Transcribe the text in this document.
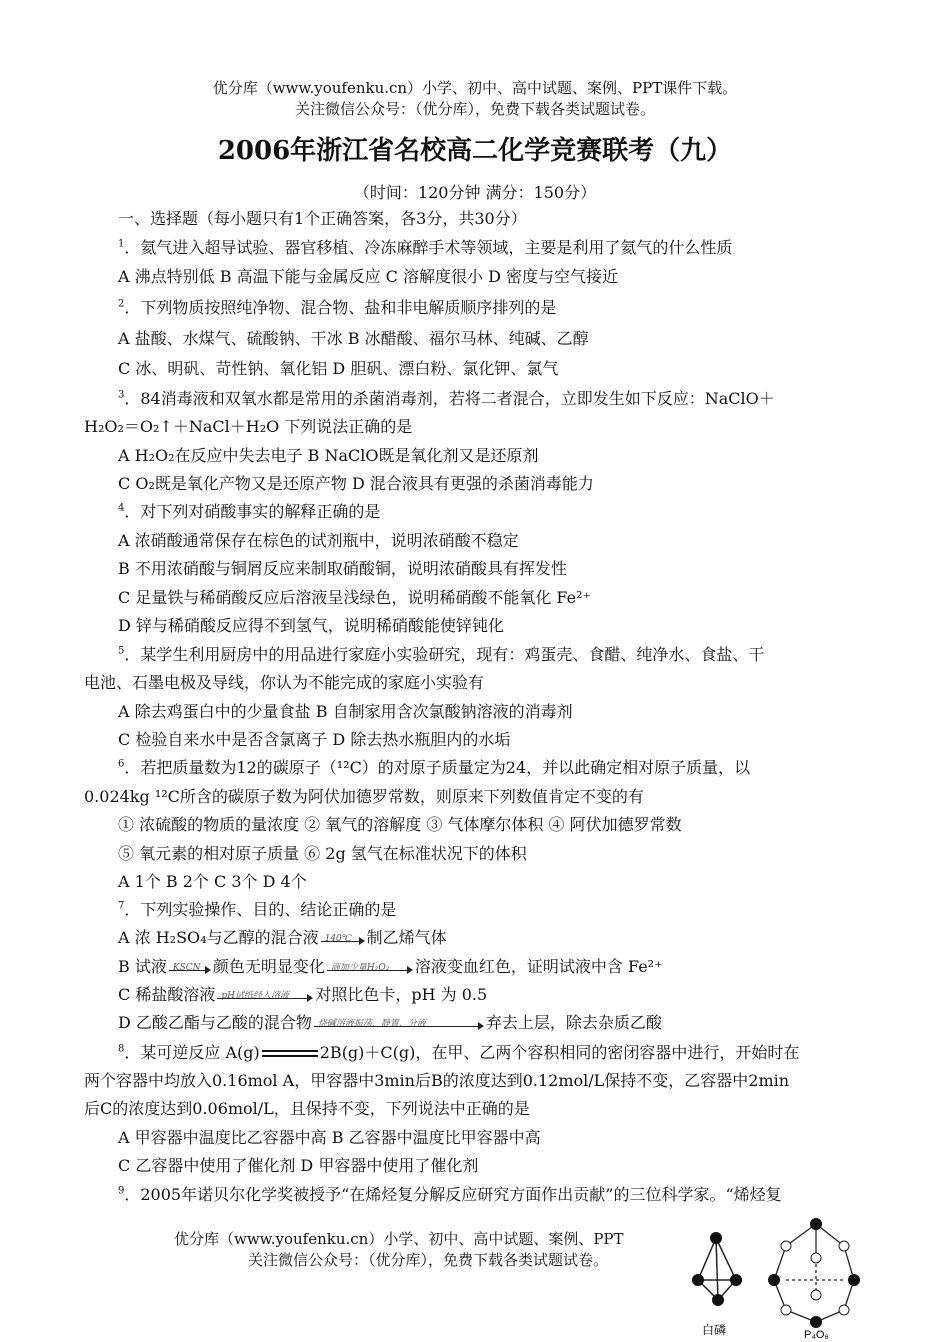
优分库（www.youfenku.cn）小学、初中、高中试题、案例、PPT课件下载。
关注微信公众号：（优分库），免费下载各类试题试卷。
2006年浙江省名校高二化学竞赛联考（九）
（时间：120分钟 满分：150分）
一、选择题（每小题只有1个正确答案，各3分，共30分）
$^1$．氦气进入超导试验、器官移植、冷冻麻醉手术等领域，主要是利用了氦气的什么性质
A 沸点特别低 B 高温下能与金属反应 C 溶解度很小 D 密度与空气接近
$^2$．下列物质按照纯净物、混合物、盐和非电解质顺序排列的是
A 盐酸、水煤气、硫酸钠、干冰 B 冰醋酸、福尔马林、纯碱、乙醇
C 冰、明矾、苛性钠、氧化铝 D 胆矾、漂白粉、氯化钾、氯气
$^3$．84消毒液和双氧水都是常用的杀菌消毒剂，若将二者混合，立即发生如下反应：NaClO＋
H₂O₂＝O₂↑＋NaCl＋H₂O 下列说法正确的是
A H₂O₂在反应中失去电子 B NaClO既是氧化剂又是还原剂
C O₂既是氧化产物又是还原产物 D 混合液具有更强的杀菌消毒能力
$^4$．对下列对硝酸事实的解释正确的是
A 浓硝酸通常保存在棕色的试剂瓶中，说明浓硝酸不稳定
B 不用浓硝酸与铜屑反应来制取硝酸铜，说明浓硝酸具有挥发性
C 足量铁与稀硝酸反应后溶液呈浅绿色，说明稀硝酸不能氧化 Fe²⁺
D 锌与稀硝酸反应得不到氢气，说明稀硝酸能使锌钝化
$^5$．某学生利用厨房中的用品进行家庭小实验研究，现有：鸡蛋壳、食醋、纯净水、食盐、干
电池、石墨电极及导线，你认为不能完成的家庭小实验有
A 除去鸡蛋白中的少量食盐 B 自制家用含次氯酸钠溶液的消毒剂
C 检验自来水中是否含氯离子 D 除去热水瓶胆内的水垢
$^6$．若把质量数为12的碳原子（¹²C）的对原子质量定为24，并以此确定相对原子质量，以
0.024kg ¹²C所含的碳原子数为阿伏加德罗常数，则原来下列数值肯定不变的有
① 浓硫酸的物质的量浓度 ② 氧气的溶解度 ③ 气体摩尔体积 ④ 阿伏加德罗常数
⑤ 氧元素的相对原子质量 ⑥ 2g 氢气在标准状况下的体积
A 1个 B 2个 C 3个 D 4个
$^7$．下列实验操作、目的、结论正确的是
A 浓 H₂SO₄与乙醇的混合液 140℃ 制乙烯气体
B 试液 KSCN 颜色无明显变化 滴加少量H₂O₂ 溶液变血红色，证明试液中含 Fe²⁺
C 稀盐酸溶液 pH试纸经入溶液 对照比色卡，pH 为 0.5
D 乙酸乙酯与乙酸的混合物 烧碱溶液振荡、静置、分液	弃去上层，除去杂质乙酸
$^8$．某可逆反应 A(g)	2B(g)＋C(g)，在甲、乙两个容积相同的密闭容器中进行，开始时在
两个容器中均放入0.16mol A，甲容器中3min后B的浓度达到0.12mol/L保持不变，乙容器中2min
后C的浓度达到0.06mol/L，且保持不变，下列说法中正确的是
A 甲容器中温度比乙容器中高 B 乙容器中温度比甲容器中高
C 乙容器中使用了催化剂 D 甲容器中使用了催化剂
$^9$．2005年诺贝尔化学奖被授予“在烯烃复分解反应研究方面作出贡献”的三位科学家。“烯烃复
优分库（www.youfenku.cn）小学、初中、高中试题、案例、PPT
关注微信公众号：（优分库），免费下载各类试题试卷。
白磷	P₄O₆
